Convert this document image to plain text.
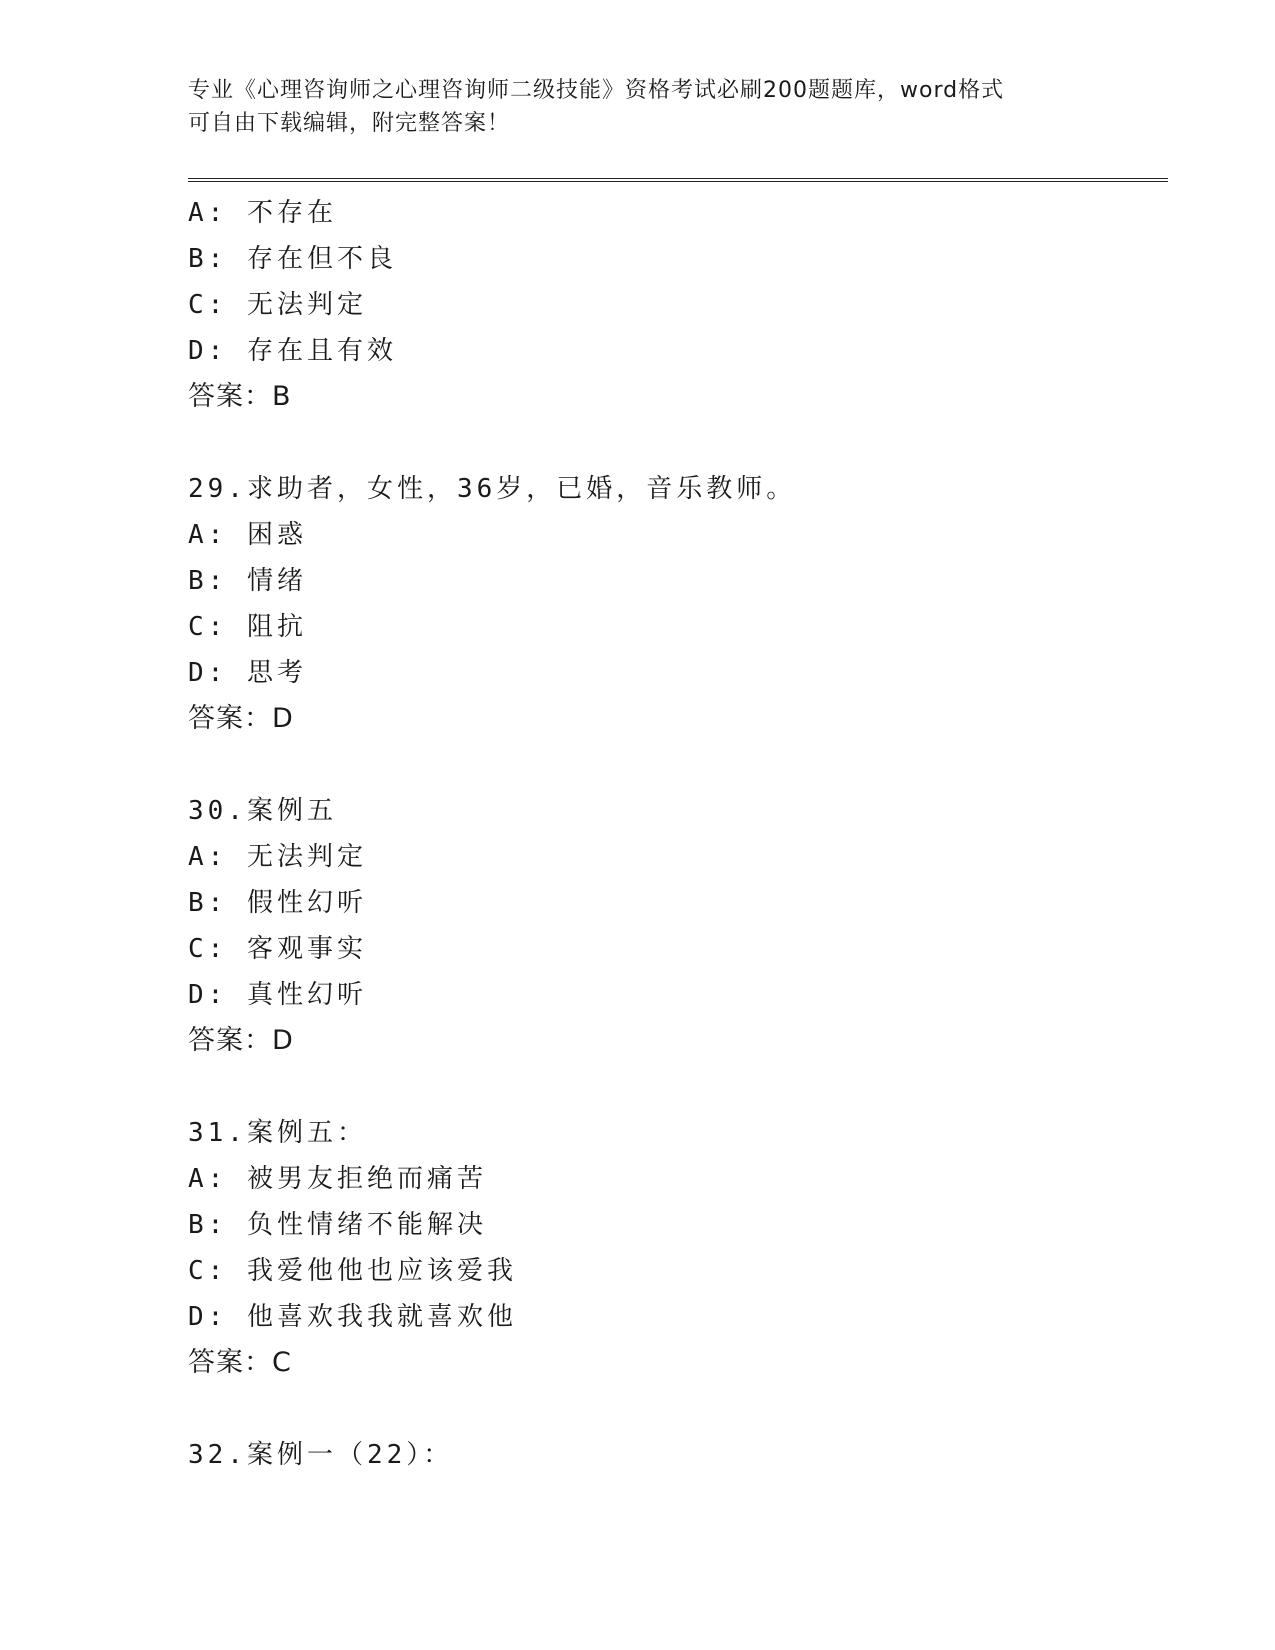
专业《心理咨询师之心理咨询师二级技能》资格考试必刷200题题库，word格式
可自由下载编辑，附完整答案！
A: 不存在
B: 存在但不良
C: 无法判定
D: 存在且有效
答案：B
29.求助者，女性，36岁，已婚，音乐教师。
A: 困惑
B: 情绪
C: 阻抗
D: 思考
答案：D
30.案例五
A: 无法判定
B: 假性幻听
C: 客观事实
D: 真性幻听
答案：D
31.案例五：
A: 被男友拒绝而痛苦
B: 负性情绪不能解决
C: 我爱他他也应该爱我
D: 他喜欢我我就喜欢他
答案：C
32.案例一（22）：
